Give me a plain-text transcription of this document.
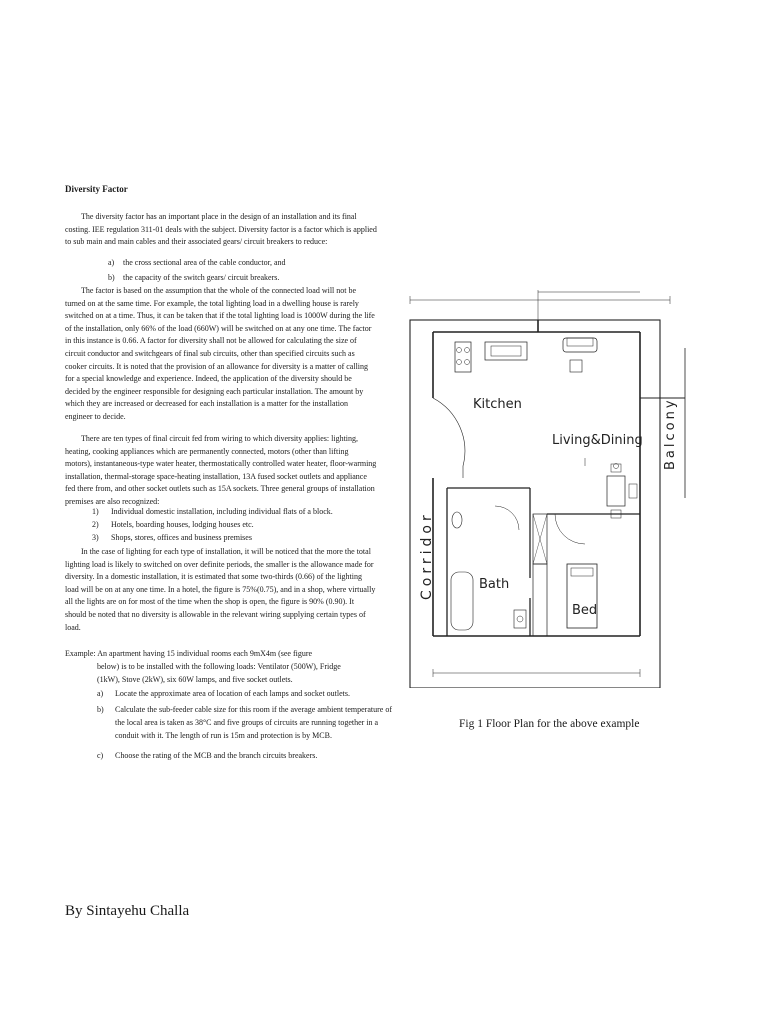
Diversity Factor
The diversity factor has an important place in the design of an installation and its final costing. IEE regulation 311-01 deals with the subject. Diversity factor is a factor which is applied to sub main and main cables and their associated gears/ circuit breakers to reduce:
a) the cross sectional area of the cable conductor, and
b) the capacity of the switch gears/ circuit breakers.
The factor is based on the assumption that the whole of the connected load will not be turned on at the same time. For example, the total lighting load in a dwelling house is rarely switched on at a time. Thus, it can be taken that if the total lighting load is 1000W during the life of the installation, only 66% of the load (660W) will be switched on at any one time. The factor in this instance is 0.66. A factor for diversity shall not be allowed for calculating the size of circuit conductor and switchgears of final sub circuits, other than specified circuits such as cooker circuits. It is noted that the provision of an allowance for diversity is a matter of calling for a special knowledge and experience. Indeed, the application of the diversity should be decided by the engineer responsible for designing each particular installation. The amount by which they are increased or decreased for each installation is a matter for the installation engineer to decide.
There are ten types of final circuit fed from wiring to which diversity applies: lighting, heating, cooking appliances which are permanently connected, motors (other than lifting motors), instantaneous-type water heater, thermostatically controlled water heater, floor-warming installation, thermal-storage space-heating installation, 13A fused socket outlets and appliance fed there from, and other socket outlets such as 15A sockets. Three general groups of installation premises are also recognized:
1) Individual domestic installation, including individual flats of a block.
2) Hotels, boarding houses, lodging houses etc.
3) Shops, stores, offices and business premises
In the case of lighting for each type of installation, it will be noticed that the more the total lighting load is likely to switched on over definite periods, the smaller is the allowance made for diversity. In a domestic installation, it is estimated that some two-thirds (0.66) of the lighting load will be on at any one time. In a hotel, the figure is 75%(0.75), and in a shop, where virtually all the lights are on for most of the time when the shop is open, the figure is 90% (0.90). It should be noted that no diversity is allowable in the relevant wiring supplying certain types of load.
Example: An apartment having 15 individual rooms each 9mX4m (see figure
below) is to be installed with the following loads: Ventilator (500W), Fridge
(1kW), Stove (2kW), six 60W lamps, and five socket outlets.
a) Locate the approximate area of location of each lamps and socket outlets.
b) Calculate the sub-feeder cable size for this room if the average ambient temperature of
the local area is taken as 38°C and five groups of circuits are running together in a
conduit with it. The length of run is 15m and protection is by MCB.
c) Choose the rating of the MCB and the branch circuits breakers.
Kitchen
Living&Dining Balcony
Corridor	Bath
Bed
Fig 1 Floor Plan for the above example
By Sintayehu Challa
